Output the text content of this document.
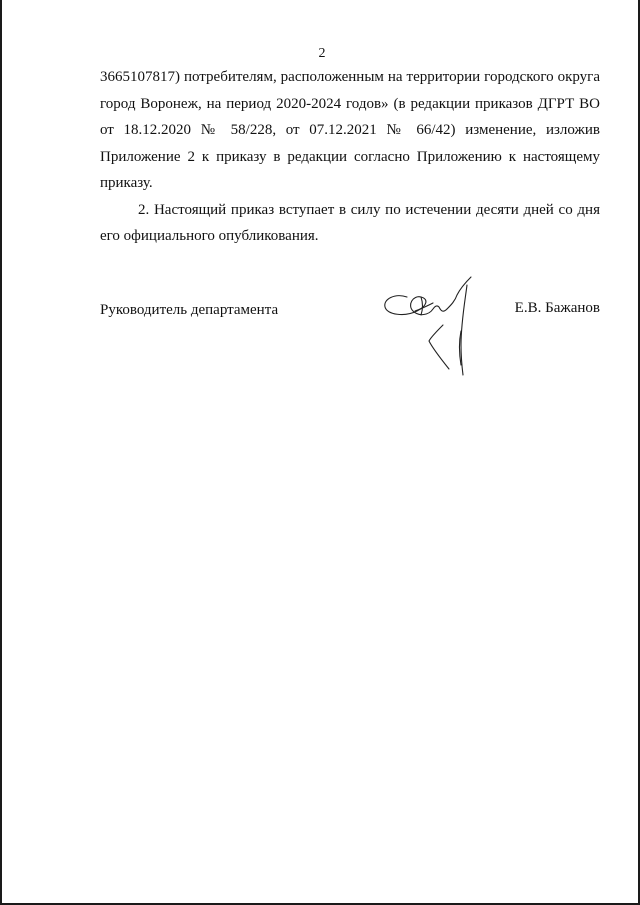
2

3665107817) потребителям, расположенным на территории городского округа город Воронеж, на период 2020-2024 годов» (в редакции приказов ДГРТ ВО от 18.12.2020 № 58/228, от 07.12.2021 № 66/42) изменение, изложив Приложение 2 к приказу в редакции согласно Приложению к настоящему приказу.

2. Настоящий приказ вступает в силу по истечении десяти дней со дня его официального опубликования.

Руководитель департамента	Е.В. Бажанов
